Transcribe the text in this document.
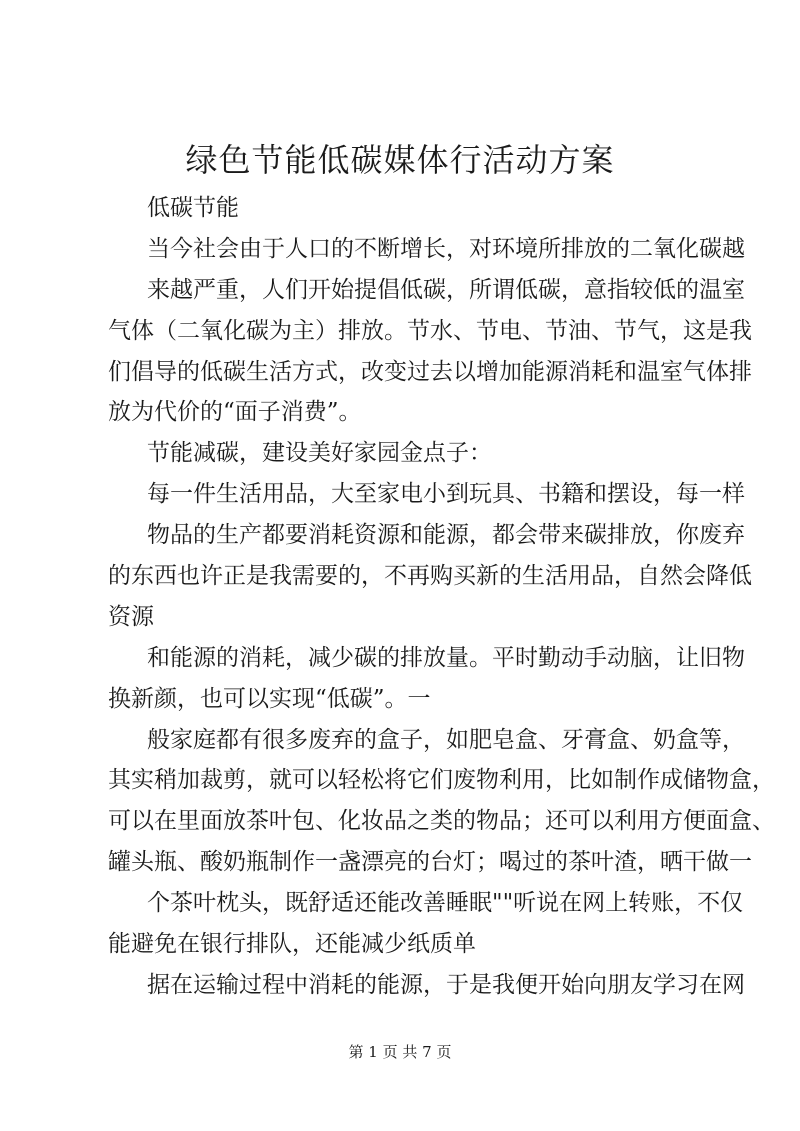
绿色节能低碳媒体行活动方案
低碳节能
当今社会由于人口的不断增长，对环境所排放的二氧化碳越
来越严重，人们开始提倡低碳，所谓低碳，意指较低的温室
气体（二氧化碳为主）排放。节水、节电、节油、节气，这是我
们倡导的低碳生活方式，改变过去以增加能源消耗和温室气体排
放为代价的“面子消费”。
节能减碳，建设美好家园金点子：
每一件生活用品，大至家电小到玩具、书籍和摆设，每一样
物品的生产都要消耗资源和能源，都会带来碳排放，你废弃
的东西也许正是我需要的，不再购买新的生活用品，自然会降低
资源
和能源的消耗，减少碳的排放量。平时勤动手动脑，让旧物
换新颜，也可以实现“低碳”。一
般家庭都有很多废弃的盒子，如肥皂盒、牙膏盒、奶盒等，
其实稍加裁剪，就可以轻松将它们废物利用，比如制作成储物盒，
可以在里面放茶叶包、化妆品之类的物品；还可以利用方便面盒、
罐头瓶、酸奶瓶制作一盏漂亮的台灯；喝过的茶叶渣，晒干做一
个茶叶枕头，既舒适还能改善睡眠""听说在网上转账，不仅
能避免在银行排队，还能减少纸质单
据在运输过程中消耗的能源，于是我便开始向朋友学习在网
第 1 页 共 7 页
